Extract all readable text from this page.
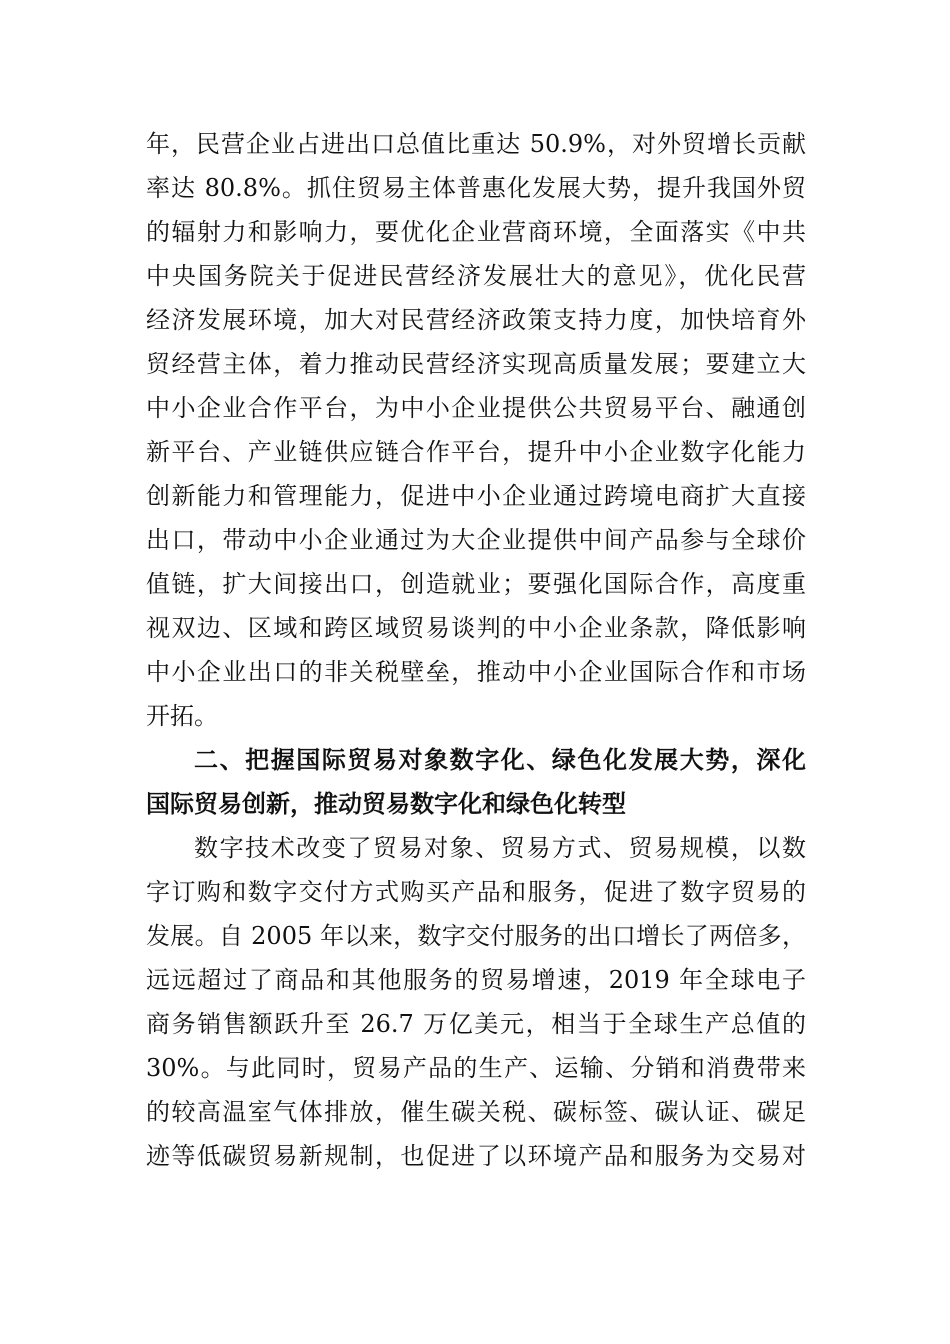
年，民营企业占进出口总值比重达 50.9%，对外贸增长贡献
率达 80.8%。抓住贸易主体普惠化发展大势，提升我国外贸
的辐射力和影响力，要优化企业营商环境，全面落实《中共
中央国务院关于促进民营经济发展壮大的意见》，优化民营
经济发展环境，加大对民营经济政策支持力度，加快培育外
贸经营主体，着力推动民营经济实现高质量发展；要建立大
中小企业合作平台，为中小企业提供公共贸易平台、融通创
新平台、产业链供应链合作平台，提升中小企业数字化能力
创新能力和管理能力，促进中小企业通过跨境电商扩大直接
出口，带动中小企业通过为大企业提供中间产品参与全球价
值链，扩大间接出口，创造就业；要强化国际合作，高度重
视双边、区域和跨区域贸易谈判的中小企业条款，降低影响
中小企业出口的非关税壁垒，推动中小企业国际合作和市场
开拓。
二、把握国际贸易对象数字化、绿色化发展大势，深化
国际贸易创新，推动贸易数字化和绿色化转型
数字技术改变了贸易对象、贸易方式、贸易规模，以数
字订购和数字交付方式购买产品和服务，促进了数字贸易的
发展。自 2005 年以来，数字交付服务的出口增长了两倍多，
远远超过了商品和其他服务的贸易增速，2019 年全球电子
商务销售额跃升至 26.7 万亿美元，相当于全球生产总值的
30%。与此同时，贸易产品的生产、运输、分销和消费带来
的较高温室气体排放，催生碳关税、碳标签、碳认证、碳足
迹等低碳贸易新规制，也促进了以环境产品和服务为交易对
